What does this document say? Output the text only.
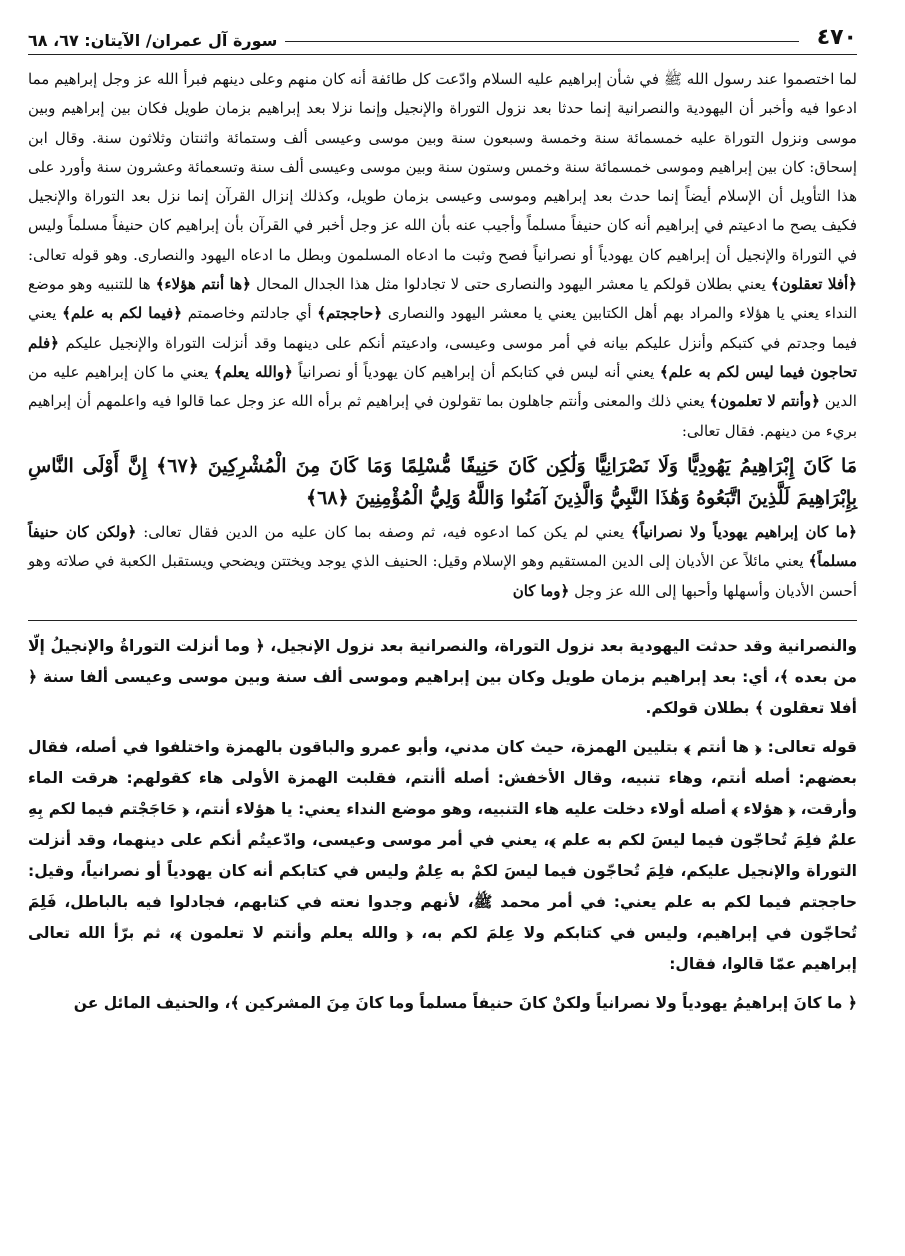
٤٧٠
سورة آل عمران/ الآيتان: ٦٧، ٦٨

لما اختصموا عند رسول الله ﷺ في شأن إبراهيم عليه السلام وادّعت كل طائفة أنه كان منهم وعلى دينهم فبرأ الله عز وجل إبراهيم مما ادعوا فيه وأخبر أن اليهودية والنصرانية إنما حدثا بعد نزول التوراة والإنجيل وإنما نزلا بعد إبراهيم بزمان طويل فكان بين إبراهيم وبين موسى ونزول التوراة عليه خمسمائة سنة وخمسة وسبعون سنة وبين موسى وعيسى ألف وستمائة واثنتان وثلاثون سنة. وقال ابن إسحاق: كان بين إبراهيم وموسى خمسمائة سنة وخمس وستون سنة وبين موسى وعيسى ألف سنة وتسعمائة وعشرون سنة وأورد على هذا التأويل أن الإسلام أيضاً إنما حدث بعد إبراهيم وموسى وعيسى بزمان طويل، وكذلك إنزال القرآن إنما نزل بعد التوراة والإنجيل فكيف يصح ما ادعيتم في إبراهيم أنه كان حنيفاً مسلماً وأجيب عنه بأن الله عز وجل أخبر في القرآن بأن إبراهيم كان حنيفاً مسلماً وليس في التوراة والإنجيل أن إبراهيم كان يهودياً أو نصرانياً فصح وثبت ما ادعاه المسلمون وبطل ما ادعاه اليهود والنصارى. وهو قوله تعالى: ﴿أفلا تعقلون﴾ يعني بطلان قولكم يا معشر اليهود والنصارى حتى لا تجادلوا مثل هذا الجدال المحال ﴿ها أنتم هؤلاء﴾ ها للتنبيه وهو موضع النداء يعني يا هؤلاء والمراد بهم أهل الكتابين يعني يا معشر اليهود والنصارى ﴿حاججتم﴾ أي جادلتم وخاصمتم ﴿فيما لكم به علم﴾ يعني فيما وجدتم في كتبكم وأنزل عليكم بيانه في أمر موسى وعيسى، وادعيتم أنكم على دينهما وقد أنزلت التوراة والإنجيل عليكم ﴿فلم تحاجون فيما ليس لكم به علم﴾ يعني أنه ليس في كتابكم أن إبراهيم كان يهودياً أو نصرانياً ﴿والله يعلم﴾ يعني ما كان إبراهيم عليه من الدين ﴿وأنتم لا تعلمون﴾ يعني ذلك والمعنى وأنتم جاهلون بما تقولون في إبراهيم ثم برأه الله عز وجل عما قالوا فيه واعلمهم أن إبراهيم بريء من دينهم. فقال تعالى:

مَا كَانَ إِبْرَاهِيمُ يَهُودِيًّا وَلَا نَصْرَانِيًّا وَلَٰكِن كَانَ حَنِيفًا مُّسْلِمًا وَمَا كَانَ مِنَ الْمُشْرِكِينَ ﴿٦٧﴾ إِنَّ أَوْلَى النَّاسِ بِإِبْرَاهِيمَ لَلَّذِينَ اتَّبَعُوهُ وَهَٰذَا النَّبِيُّ وَالَّذِينَ آمَنُوا وَاللَّهُ وَلِيُّ الْمُؤْمِنِينَ ﴿٦٨﴾

﴿ما كان إبراهيم يهودياً ولا نصرانياً﴾ يعني لم يكن كما ادعوه فيه، ثم وصفه بما كان عليه من الدين فقال تعالى: ﴿ولكن كان حنيفاً مسلماً﴾ يعني مائلاً عن الأديان إلى الدين المستقيم وهو الإسلام وقيل: الحنيف الذي يوجد ويختتن ويضحي ويستقبل الكعبة في صلاته وهو أحسن الأديان وأسهلها وأحبها إلى الله عز وجل ﴿وما كان

والنصرانية وقد حدثت اليهودية بعد نزول التوراة، والنصرانية بعد نزول الإنجيل، ﴿ وما أنزلت التوراةُ والإنجيلُ إلّا من بعده ﴾، أي: بعد إبراهيم بزمان طويل وكان بين إبراهيم وموسى ألف سنة وبين موسى وعيسى ألفا سنة ﴿ أفلا تعقلون ﴾ بطلان قولكم.

قوله تعالى: ﴿ ها أنتم ﴾ بتليين الهمزة، حيث كان مدني، وأبو عمرو والباقون بالهمزة واختلفوا في أصله، فقال بعضهم: أصله أنتم، وهاء تنبيه، وقال الأخفش: أصله أأنتم، فقلبت الهمزة الأولى هاء كقولهم: هرقت الماء وأرقت، ﴿ هؤلاء ﴾ أصله أولاء دخلت عليه هاء التنبيه، وهو موضع النداء يعني: يا هؤلاء أنتم، ﴿ حَاجَجْتم فيما لكم بِهِ علمٌ فلِمَ تُحاجّون فيما ليسَ لكم به علم ﴾، يعني في أمر موسى وعيسى، وادّعيتُم أنكم على دينهما، وقد أنزلت التوراة والإنجيل عليكم، فلِمَ تُحاجّون فيما ليسَ لكمْ به عِلمٌ وليس في كتابكم أنه كان يهودياً أو نصرانياً، وقيل: حاججتم فيما لكم به علم يعني: في أمر محمد ﷺ، لأنهم وجدوا نعته في كتابهم، فجادلوا فيه بالباطل، فَلِمَ تُحاجّون في إبراهيم، وليس في كتابكم ولا عِلمَ لكم به، ﴿ والله يعلم وأنتم لا تعلمون ﴾، ثم برّأ الله تعالى إبراهيم عمّا قالوا، فقال:

﴿ ما كانَ إبراهيمُ يهودياً ولا نصرانياً ولكنْ كانَ حنيفاً مسلماً وما كانَ مِنَ المشركين ﴾، والحنيف المائل عن
